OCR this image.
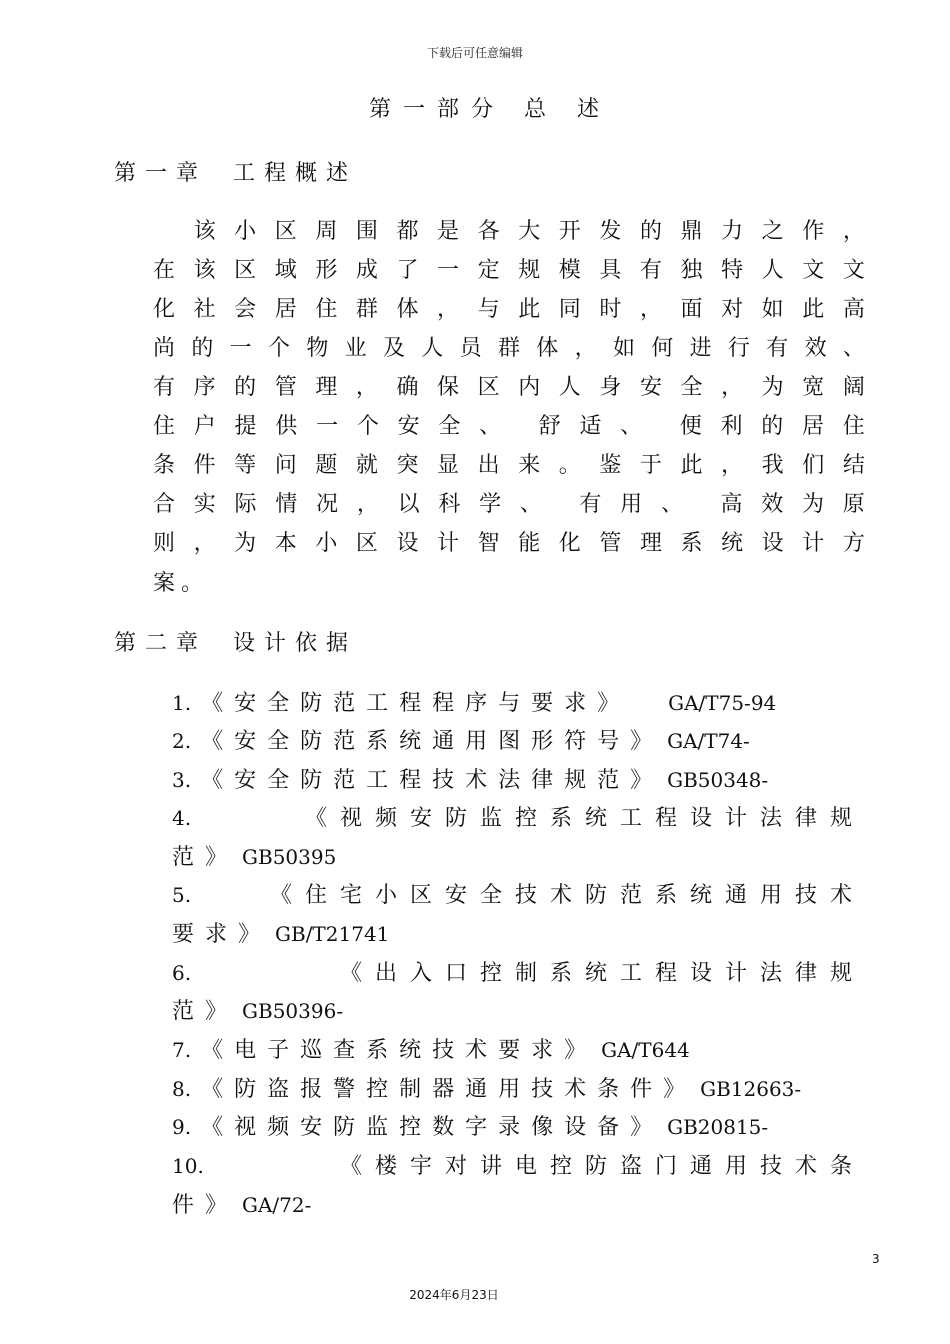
下载后可任意编辑
第一部分 总 述
第一章 工程概述

该 小 区 周 围 都 是 各 大 开 发 的 鼎 力 之 作 ，
在 该 区 域 形 成 了 一 定 规 模 具 有 独 特 人 文 文
化 社 会 居 住 群 体 ， 与 此 同 时 ， 面 对 如 此 高
尚 的 一 个 物 业 及 人 员 群 体 ， 如 何 进 行 有 效 、
有 序 的 管 理 ， 确 保 区 内 人 身 安 全 ， 为 宽 阔
住 户 提 供 一 个 安 全 、 舒 适 、 便 利 的 居 住
条 件 等 问 题 就 突 显 出 来 。 鉴 于 此 ， 我 们 结
合 实 际 情 况 ， 以 科 学 、 有 用 、 高 效 为 原
则 ， 为 本 小 区 设 计 智 能 化 管 理 系 统 设 计 方
案。
第二章 设计依据
1. 《安全防范工程程序与要求》 GA/T75-94
2. 《安全防范系统通用图形符号》 GA/T74-
3. 《安全防范工程技术法律规范》 GB50348-
4.	《视频安防监控系统工程设计法律规
范》 GB50395
5.	《住宅小区安全技术防范系统通用技术
要求》 GB/T21741
6.	《出入口控制系统工程设计法律规
范》 GB50396-
7. 《电子巡查系统技术要求》 GA/T644
8. 《防盗报警控制器通用技术条件》 GB12663-
9. 《视频安防监控数字录像设备》 GB20815-
10.	《楼宇对讲电控防盗门通用技术条
件》 GA/72-
3
2024年6月23日
